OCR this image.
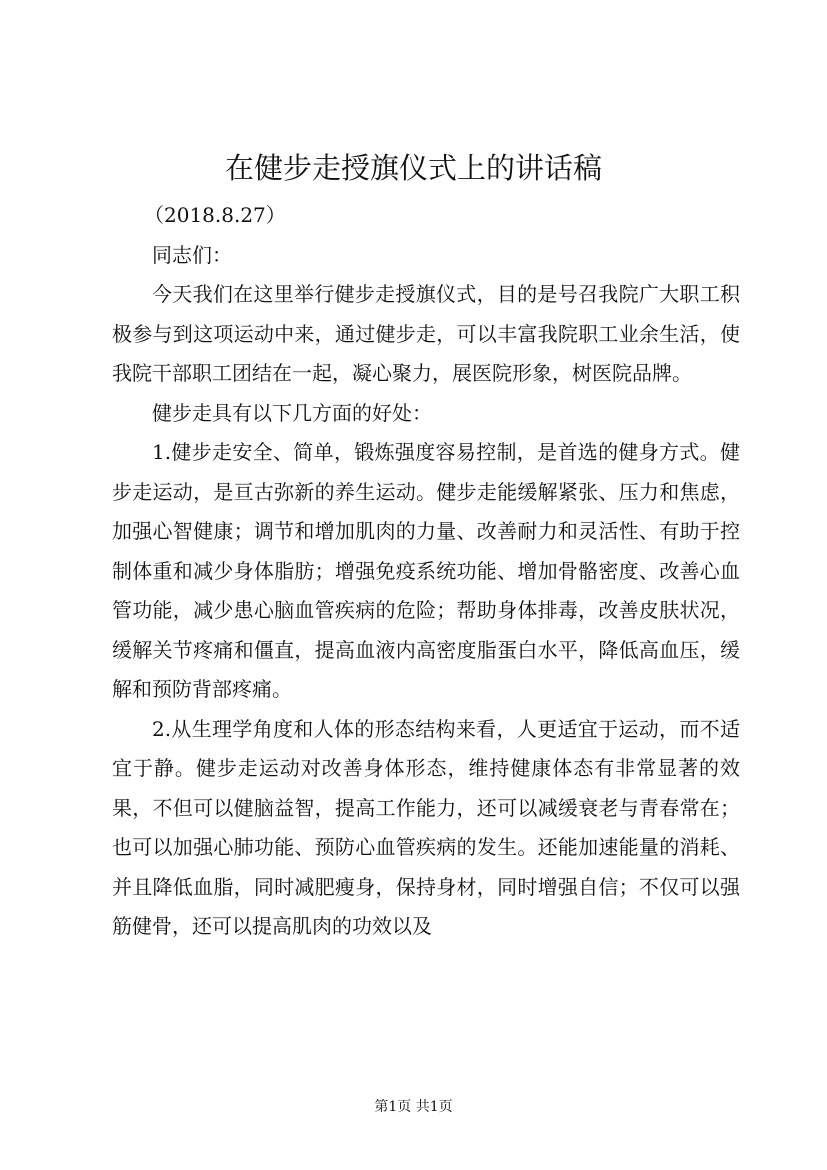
在健步走授旗仪式上的讲话稿

（2018.8.27）

同志们：

今天我们在这里举行健步走授旗仪式，目的是号召我院广大职工积极参与到这项运动中来，通过健步走，可以丰富我院职工业余生活，使我院干部职工团结在一起，凝心聚力，展医院形象，树医院品牌。

健步走具有以下几方面的好处：

1.健步走安全、简单，锻炼强度容易控制，是首选的健身方式。健步走运动，是亘古弥新的养生运动。健步走能缓解紧张、压力和焦虑，加强心智健康；调节和增加肌肉的力量、改善耐力和灵活性、有助于控制体重和减少身体脂肪；增强免疫系统功能、增加骨骼密度、改善心血管功能，减少患心脑血管疾病的危险；帮助身体排毒，改善皮肤状况，缓解关节疼痛和僵直，提高血液内高密度脂蛋白水平，降低高血压，缓解和预防背部疼痛。

2.从生理学角度和人体的形态结构来看，人更适宜于运动，而不适宜于静。健步走运动对改善身体形态，维持健康体态有非常显著的效果，不但可以健脑益智，提高工作能力，还可以减缓衰老与青春常在；也可以加强心肺功能、预防心血管疾病的发生。还能加速能量的消耗、并且降低血脂，同时减肥瘦身，保持身材，同时增强自信；不仅可以强筋健骨，还可以提高肌肉的功效以及

第1页 共1页
